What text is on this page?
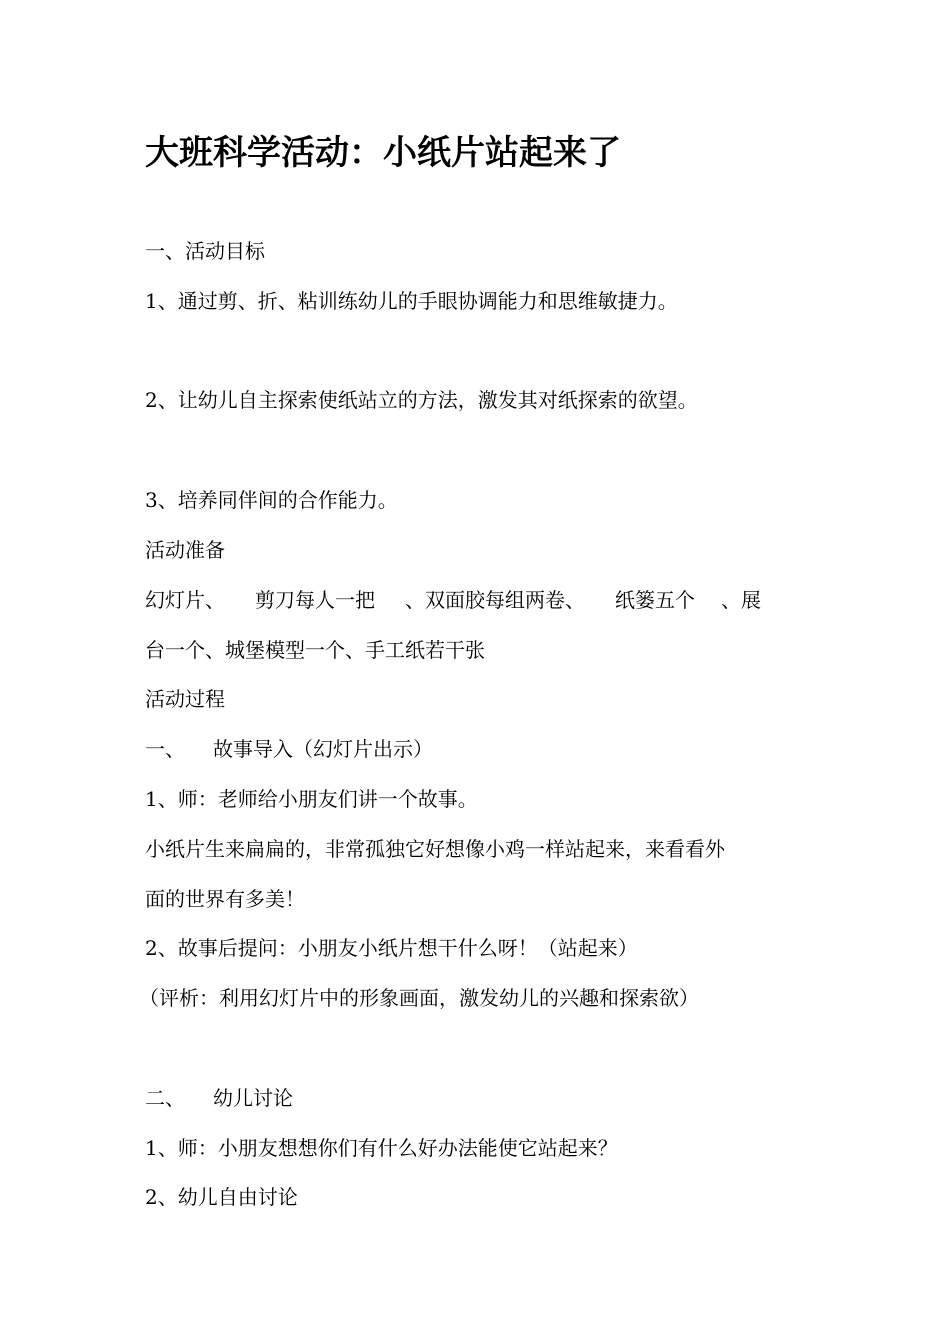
大班科学活动：小纸片站起来了
一、活动目标
1、通过剪、折、粘训练幼儿的手眼协调能力和思维敏捷力。
2、让幼儿自主探索使纸站立的方法，激发其对纸探索的欲望。
3、培养同伴间的合作能力。
活动准备
幻灯片、 剪刀每人一把 、双面胶每组两卷、 纸篓五个 、展
台一个、城堡模型一个、手工纸若干张
活动过程
一、 故事导入（幻灯片出示）
1、师：老师给小朋友们讲一个故事。
小纸片生来扁扁的，非常孤独它好想像小鸡一样站起来，来看看外
面的世界有多美！
2、故事后提问：小朋友小纸片想干什么呀！（站起来）
（评析：利用幻灯片中的形象画面，激发幼儿的兴趣和探索欲）
二、 幼儿讨论
1、师：小朋友想想你们有什么好办法能使它站起来？
2、幼儿自由讨论
